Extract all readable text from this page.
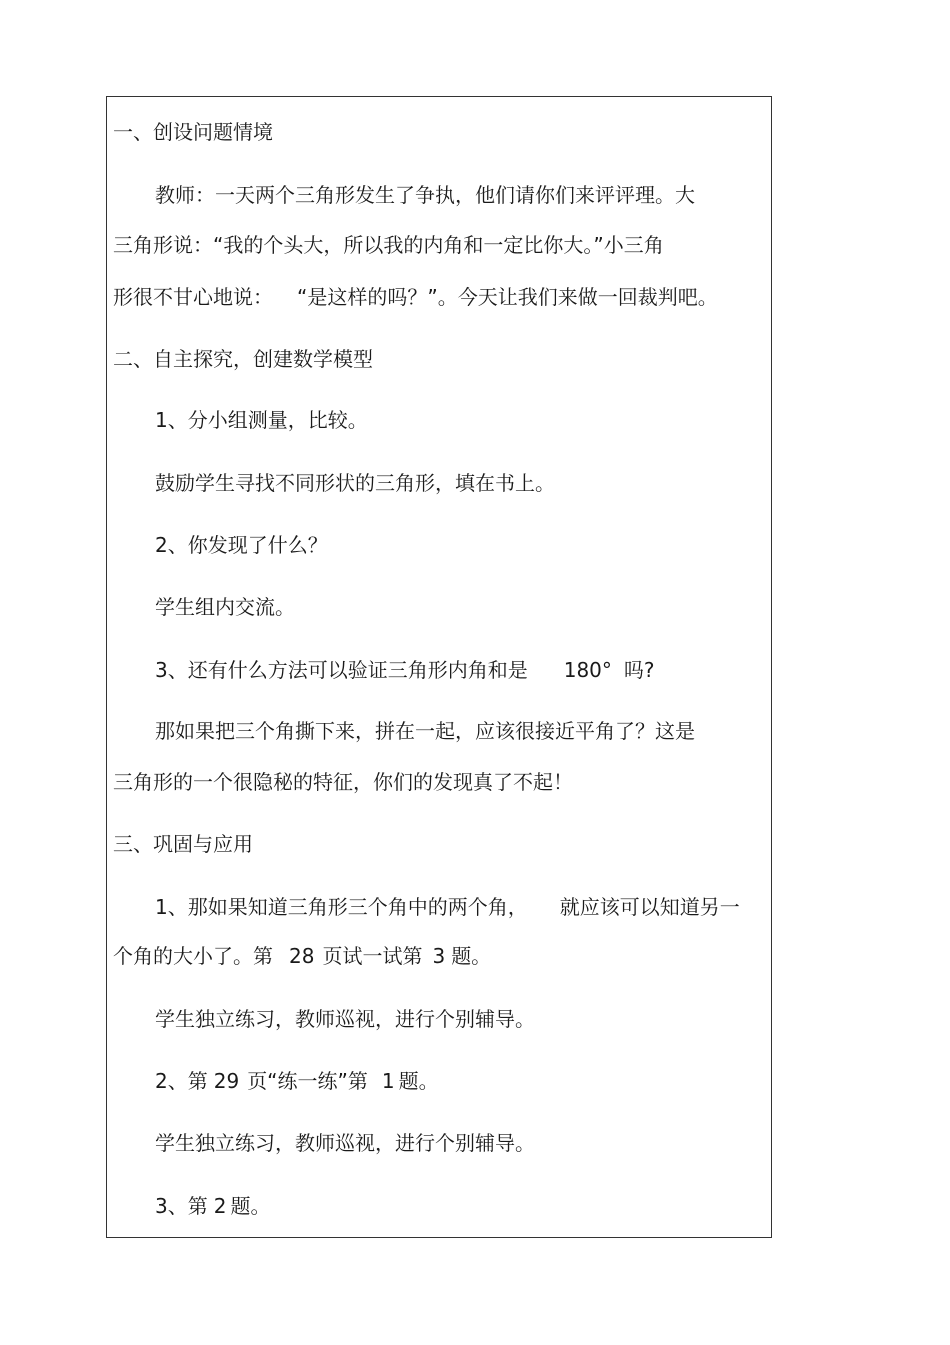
一、创设问题情境

教师：一天两个三角形发生了争执，他们请你们来评评理。大

三角形说：“我的个头大，所以我的内角和一定比你大。”小三角

形很不甘心地说： “是这样的吗？”。今天让我们来做一回裁判吧。

二、自主探究，创建数学模型

1、分小组测量，比较。

鼓励学生寻找不同形状的三角形，填在书上。

2、你发现了什么？

学生组内交流。

3、还有什么方法可以验证三角形内角和是 180° 吗?

那如果把三个角撕下来，拼在一起，应该很接近平角了？这是

三角形的一个很隐秘的特征，你们的发现真了不起！

三、巩固与应用

1、那如果知道三角形三个角中的两个角， 就应该可以知道另一

个角的大小了。第 28 页试一试第 3 题。

学生独立练习，教师巡视，进行个别辅导。

2、第 29 页“练一练”第 1 题。

学生独立练习，教师巡视，进行个别辅导。

3、第 2 题。
